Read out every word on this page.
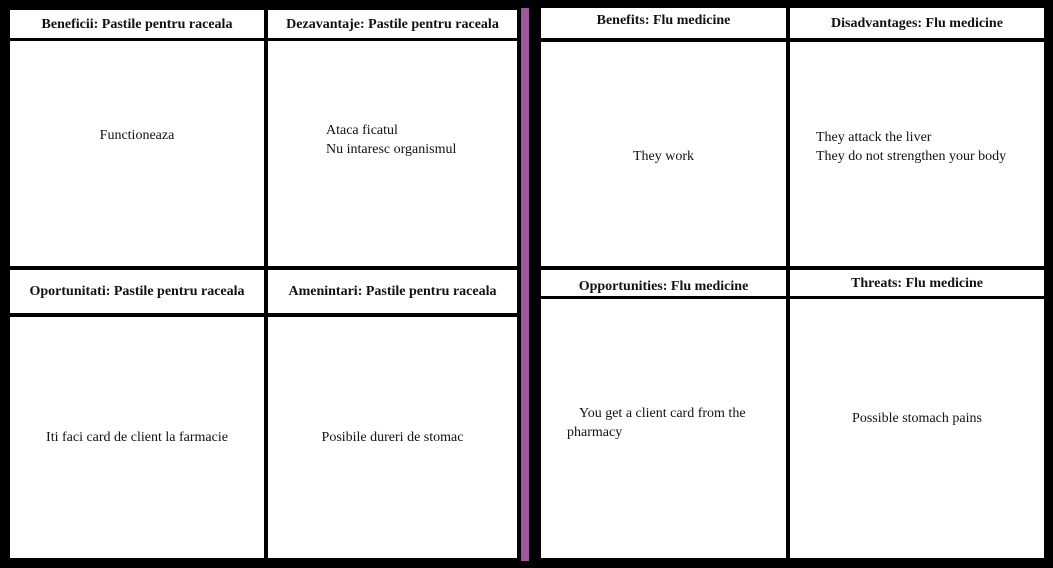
Beneficii: Pastile pentru raceala	Dezavantaje: Pastile pentru raceala
Functioneaza	Ataca ficatul
Nu intaresc organismul
Oportunitati: Pastile pentru raceala	Amenintari: Pastile pentru raceala
Iti faci card de client la farmacie	Posibile dureri de stomac
Benefits: Flu medicine	Disadvantages: Flu medicine
They work
They attack the liver
They do not strengthen your body
Opportunities: Flu medicine	Threats: Flu medicine
You get a client card from the pharmacy
Possible stomach pains
